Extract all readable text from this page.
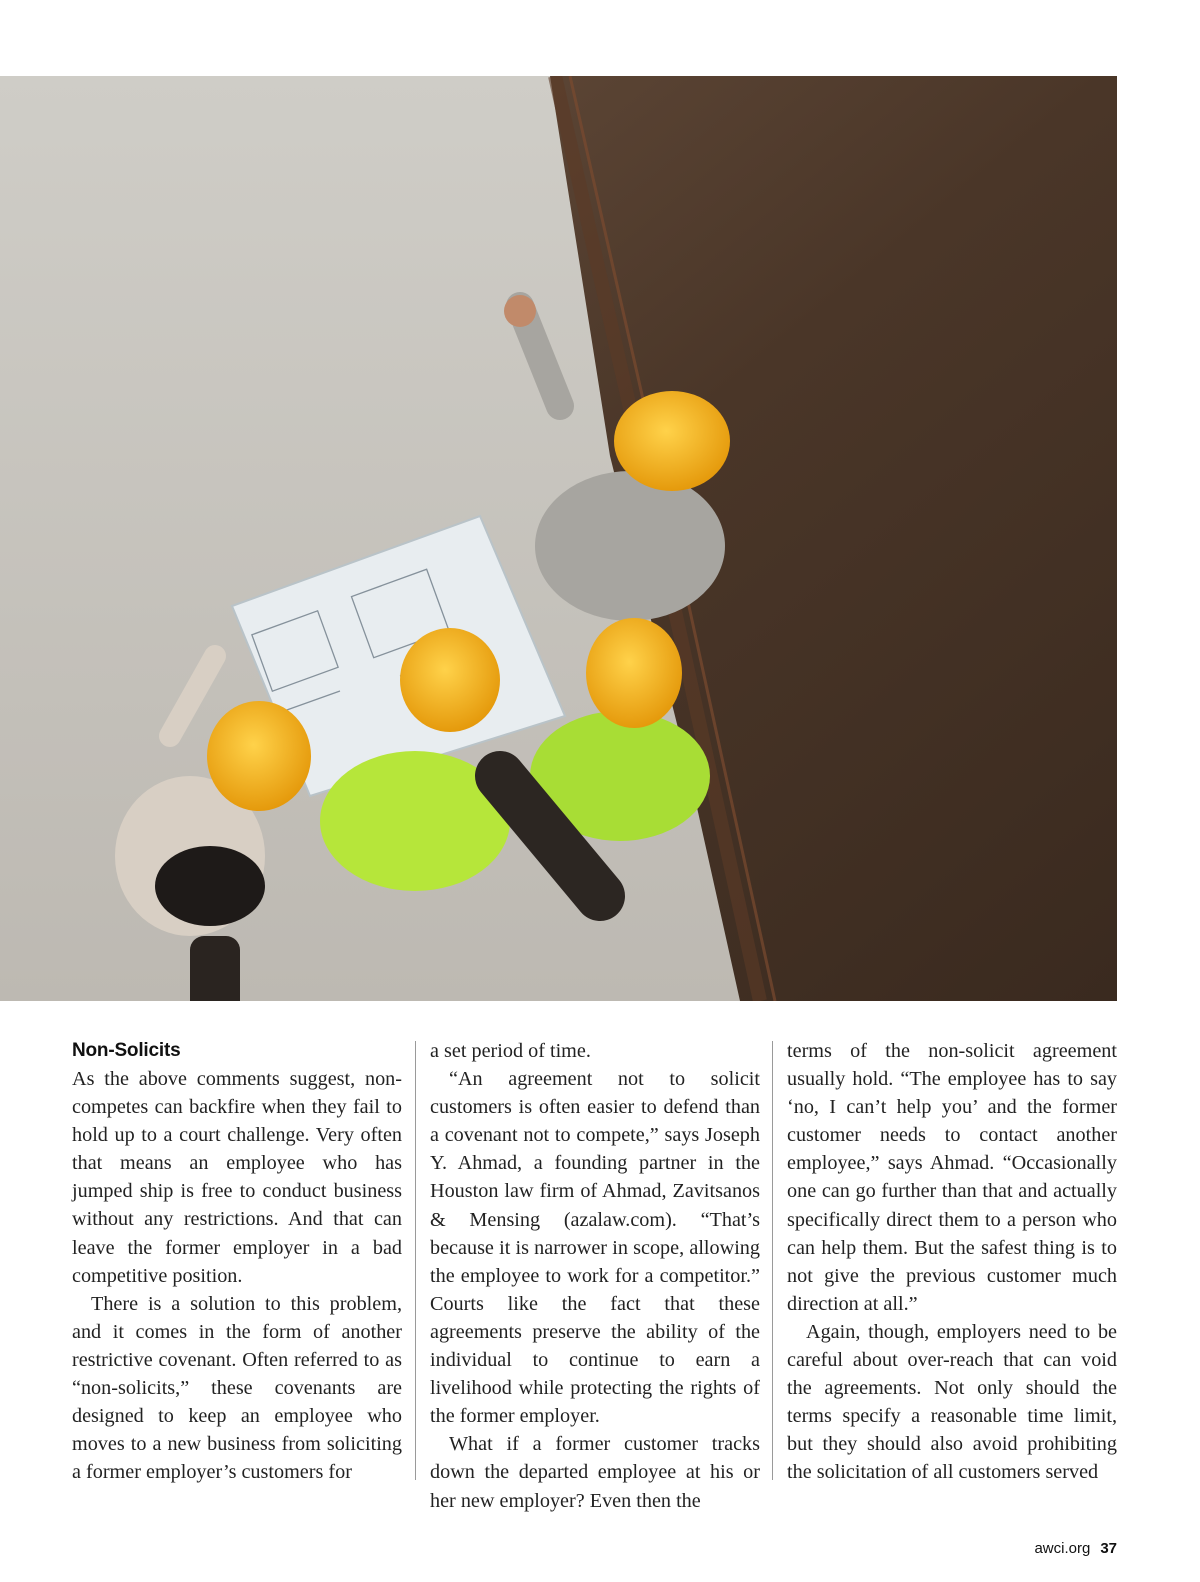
Non-Solicits

As the above comments suggest, non-competes can backfire when they fail to hold up to a court challenge. Very often that means an employee who has jumped ship is free to conduct business without any restrictions. And that can leave the former employer in a bad competitive position.

There is a solution to this problem, and it comes in the form of another restrictive covenant. Often referred to as “non-solicits,” these covenants are designed to keep an employee who moves to a new business from soliciting a former employer’s customers for

a set period of time.

“An agreement not to solicit customers is often easier to defend than a covenant not to compete,” says Joseph Y. Ahmad, a founding partner in the Houston law firm of Ahmad, Zavitsanos & Mensing (azalaw.com). “That’s because it is narrower in scope, allowing the employee to work for a competitor.” Courts like the fact that these agreements preserve the ability of the individual to continue to earn a livelihood while protecting the rights of the former employer.

What if a former customer tracks down the departed employee at his or her new employer? Even then the

terms of the non-solicit agreement usually hold. “The employee has to say ‘no, I can’t help you’ and the former customer needs to contact another employee,” says Ahmad. “Occasionally one can go further than that and actually specifically direct them to a person who can help them. But the safest thing is to not give the previous customer much direction at all.”

Again, though, employers need to be careful about over-reach that can void the agreements. Not only should the terms specify a reasonable time limit, but they should also avoid prohibiting the solicitation of all customers served

awci.org 37
